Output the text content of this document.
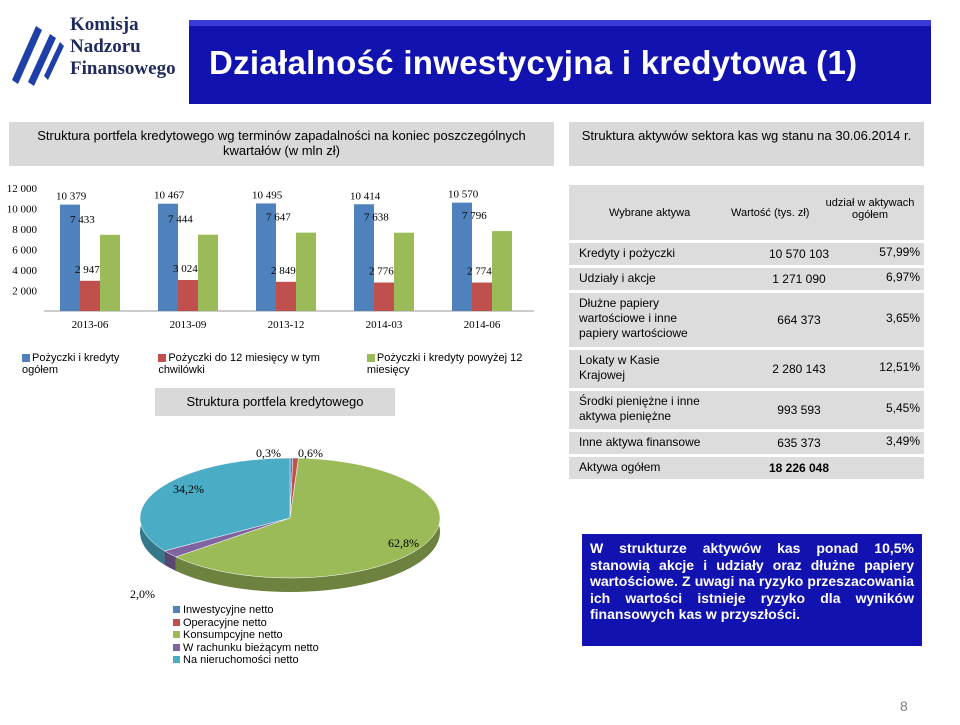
Komisja
Nadzoru
Finansowego Działalność inwestycyjna i kredytowa (1)
Struktura portfela kredytowego wg terminów zapadalności na koniec poszczególnych kwartałów (w mln zł)
Struktura aktywów sektora kas wg stanu na 30.06.2014 r.
12 000
10 000
8 000
6 000
4 000
2 000
10 379
2 947
7 433
2013-06
10 467
3 024
7 444
2013-09
10 495
2 849
7 647
2013-12
10 414
2 776
7 638
2014-03
10 570
2 774
7 796
2014-06
Pożyczki i kredyty ogółem
Pożyczki do 12 miesięcy w tym chwilówki
Pożyczki i kredyty powyżej 12 miesięcy
Struktura portfela kredytowego
0,3% 0,6%
62,8%
2,0%
34,2%
Inwestycyjne netto
Operacyjne netto
Konsumpcyjne netto
W rachunku bieżącym netto
Na nieruchomości netto
Wybrane aktywa	Wartość (tys. zł)
udział w aktywach ogółem
Kredyty i pożyczki	10 570 103	57,99%
Udziały i akcje	1 271 090	6,97%
Dłużne papiery wartościowe i inne papiery wartościowe
664 373	3,65%
Lokaty w Kasie Krajowej	2 280 143	12,51%
Środki pieniężne i inne aktywa pieniężne	993 593	5,45%
Inne aktywa finansowe	635 373	3,49%
Aktywa ogółem	18 226 048
W strukturze aktywów kas ponad 10,5% stanowią akcje i udziały oraz dłużne papiery wartościowe. Z uwagi na ryzyko przeszacowania ich wartości istnieje ryzyko dla wyników finansowych kas w przyszłości.
8
